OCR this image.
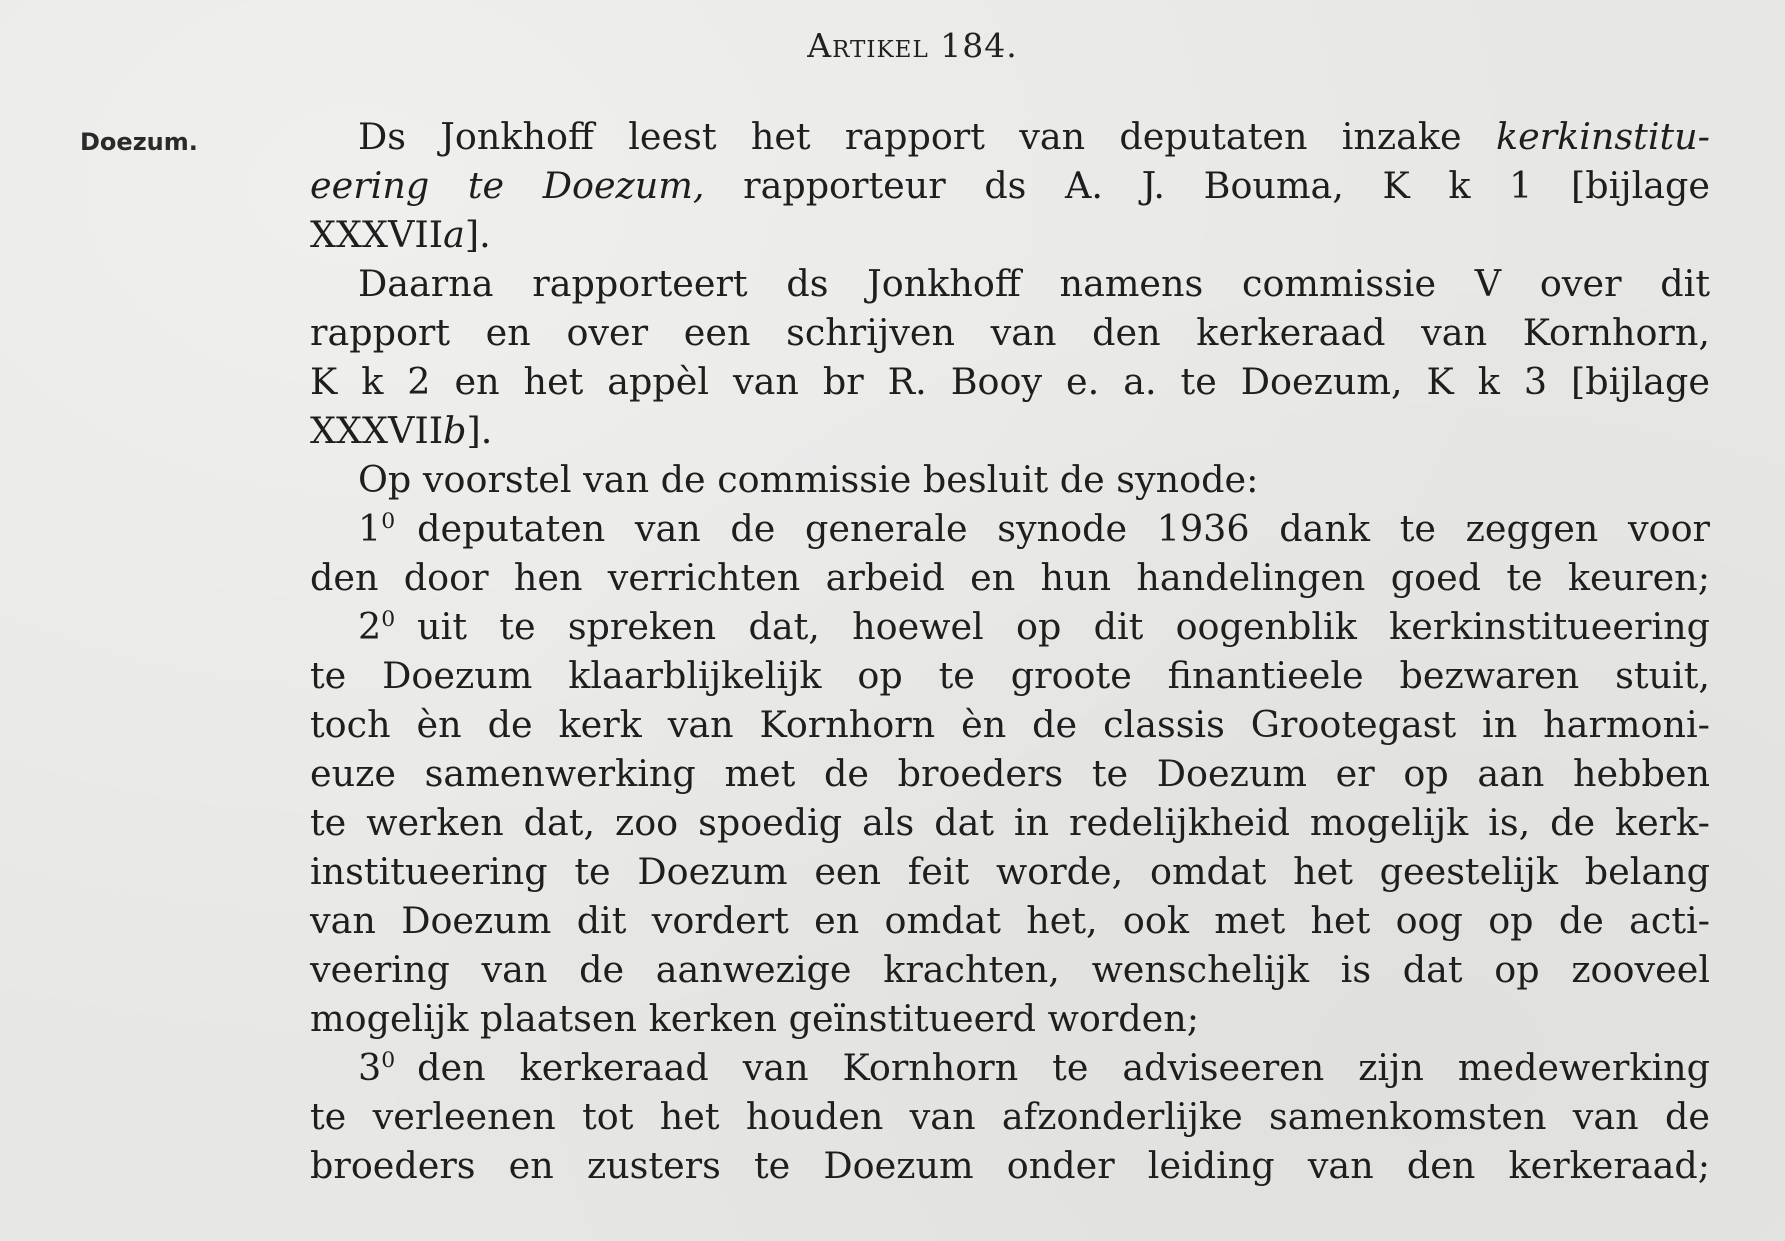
Artikel 184.
Doezum.	Ds Jonkhoff leest het rapport van deputaten inzake kerkinstitu-
eering te Doezum, rapporteur ds A. J. Bouma, K k 1 [bijlage
XXXVIIa].
Daarna rapporteert ds Jonkhoff namens commissie V over dit
rapport en over een schrijven van den kerkeraad van Kornhorn,
K k 2 en het appèl van br R. Booy e. a. te Doezum, K k 3 [bijlage
XXXVIIb].
Op voorstel van de commissie besluit de synode:
$1^0$ deputaten van de generale synode 1936 dank te zeggen voor
den door hen verrichten arbeid en hun handelingen goed te keuren;
$2^0$ uit te spreken dat, hoewel op dit oogenblik kerkinstitueering
te Doezum klaarblijkelijk op te groote finantieele bezwaren stuit,
toch èn de kerk van Kornhorn èn de classis Grootegast in harmoni-
euze samenwerking met de broeders te Doezum er op aan hebben
te werken dat, zoo spoedig als dat in redelijkheid mogelijk is, de kerk-
institueering te Doezum een feit worde, omdat het geestelijk belang
van Doezum dit vordert en omdat het, ook met het oog op de acti-
veering van de aanwezige krachten, wenschelijk is dat op zooveel
mogelijk plaatsen kerken geïnstitueerd worden;
$3^0$ den kerkeraad van Kornhorn te adviseeren zijn medewerking
te verleenen tot het houden van afzonderlijke samenkomsten van de
broeders en zusters te Doezum onder leiding van den kerkeraad;
